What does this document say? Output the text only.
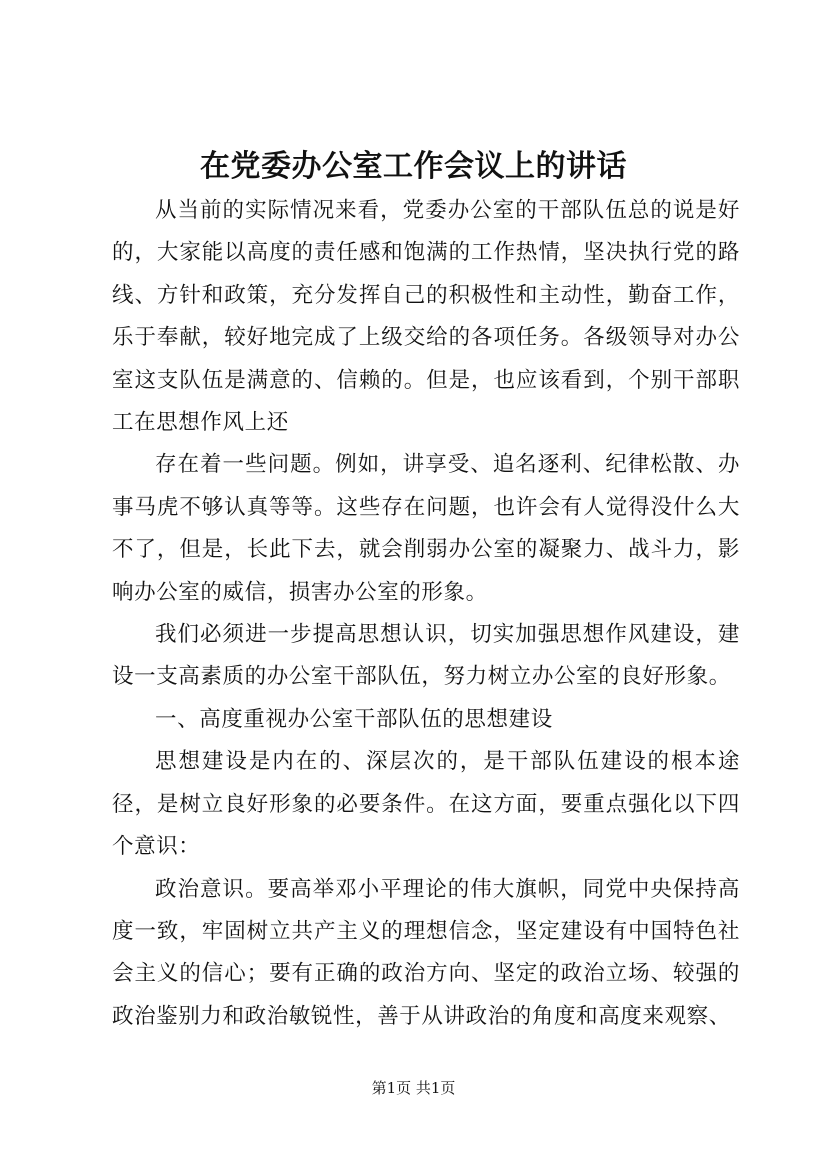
在党委办公室工作会议上的讲话

从当前的实际情况来看，党委办公室的干部队伍总的说是好的，大家能以高度的责任感和饱满的工作热情，坚决执行党的路线、方针和政策，充分发挥自己的积极性和主动性，勤奋工作，乐于奉献，较好地完成了上级交给的各项任务。各级领导对办公室这支队伍是满意的、信赖的。但是，也应该看到，个别干部职工在思想作风上还

存在着一些问题。例如，讲享受、追名逐利、纪律松散、办事马虎不够认真等等。这些存在问题，也许会有人觉得没什么大不了，但是，长此下去，就会削弱办公室的凝聚力、战斗力，影响办公室的威信，损害办公室的形象。

我们必须进一步提高思想认识，切实加强思想作风建设，建设一支高素质的办公室干部队伍，努力树立办公室的良好形象。

一、高度重视办公室干部队伍的思想建设

思想建设是内在的、深层次的，是干部队伍建设的根本途径，是树立良好形象的必要条件。在这方面，要重点强化以下四个意识：

政治意识。要高举邓小平理论的伟大旗帜，同党中央保持高度一致，牢固树立共产主义的理想信念，坚定建设有中国特色社会主义的信心；要有正确的政治方向、坚定的政治立场、较强的政治鉴别力和政治敏锐性，善于从讲政治的角度和高度来观察、

第1页 共1页
